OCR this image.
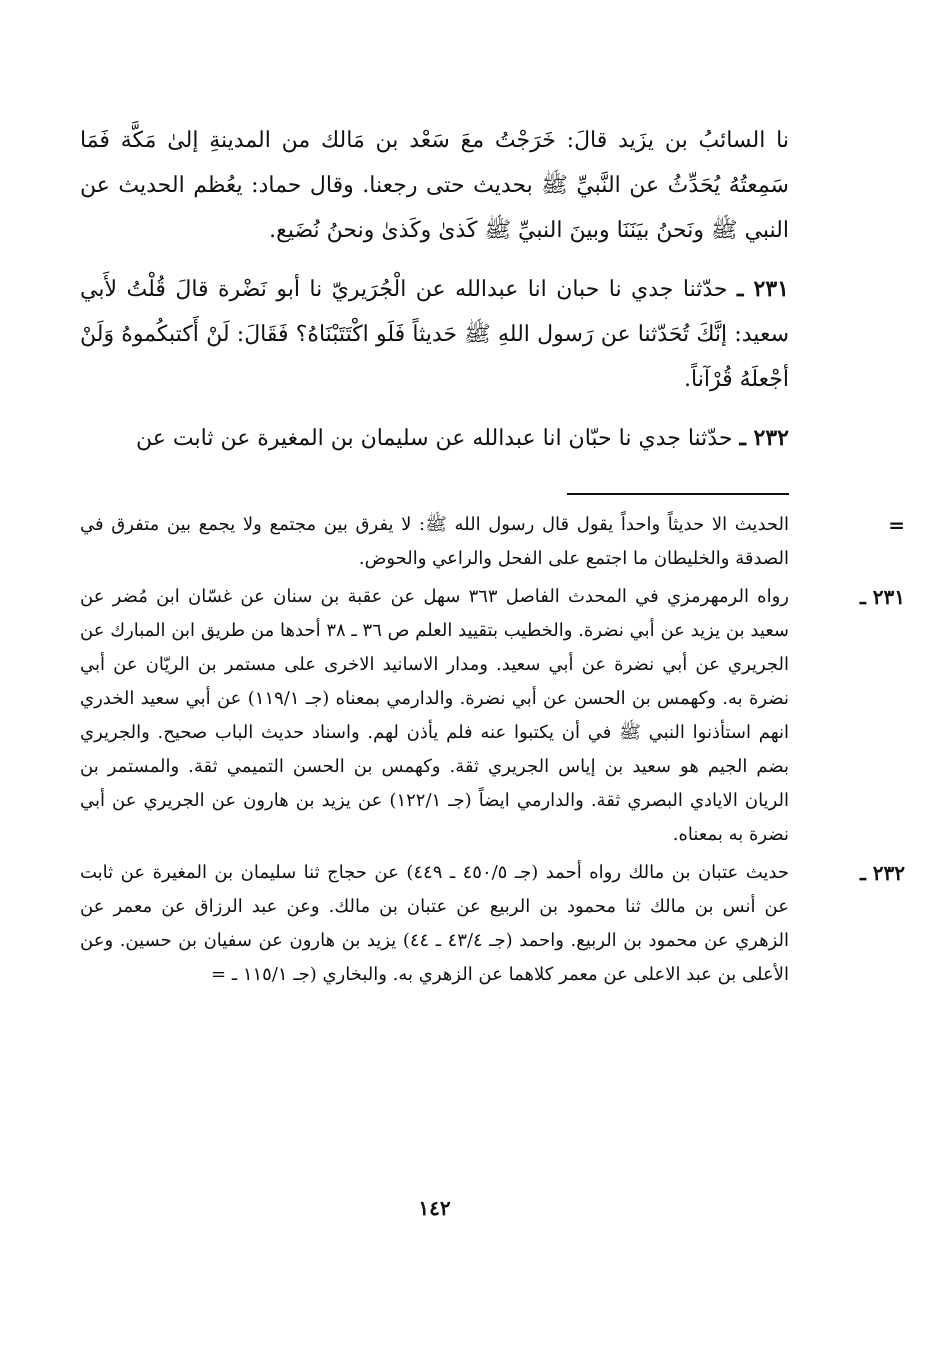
نا السائبُ بن يزَيد قالَ: خَرَجْتُ معَ سَعْد بن مَالك من المدينةِ إلىٰ مَكَّة فَمَا سَمِعتُهُ يُحَدِّثُ عن النَّبيِّ ﷺ بحديث حتى رجعنا. وقال حماد: يعُظم الحديث عن النبي ﷺ ونَحنُ بيَنَنَا وبينَ النبيِّ ﷺ كَذىٰ وكَذىٰ ونحنُ نُضَيع.

٢٣١ ـ حدّثنا جدي نا حبان انا عبدالله عن الْجُرَيريّ نا أبو نَضْرة قالَ قُلْتُ لأَبي سعيد: إنَّكَ تُحَدّثنا عن رَسول اللهِ ﷺ حَديثاً فَلَو اكْتَتَبْنَاهُ؟ فَقَالَ: لَنْ أَكتبكُموهُ وَلَنْ أجْعلَهُ قُرْآناً.

٢٣٢ ـ حدّثنا جدي نا حبّان انا عبدالله عن سليمان بن المغيرة عن ثابت عن

=
الحديث الا حديثاً واحداً يقول قال رسول الله ﷺ: لا يفرق بين مجتمع ولا يجمع بين متفرق في الصدقة والخليطان ما اجتمع على الفحل والراعي والحوض.
٢٣١ ـ
رواه الرمهرمزي في المحدث الفاصل ٣٦٣ سهل عن عقبة بن سنان عن غسّان ابن مُضر عن سعيد بن يزيد عن أبي نضرة. والخطيب بتقييد العلم ص ٣٦ ـ ٣٨ أحدها من طريق ابن المبارك عن الجريري عن أبي نضرة عن أبي سعيد. ومدار الاسانيد الاخرى على مستمر بن الريّان عن أبي نضرة به. وكهمس بن الحسن عن أبي نضرة. والدارمي بمعناه (جـ ١١٩/١) عن أبي سعيد الخدري انهم استأذنوا النبي ﷺ في أن يكتبوا عنه فلم يأذن لهم. واسناد حديث الباب صحيح. والجريري بضم الجيم هو سعيد بن إياس الجريري ثقة. وكهمس بن الحسن التميمي ثقة. والمستمر بن الريان الايادي البصري ثقة. والدارمي ايضاً (جـ ١٢٢/١) عن يزيد بن هارون عن الجريري عن أبي نضرة به بمعناه.
٢٣٢ ـ
حديث عتبان بن مالك رواه أحمد (جـ ٤٥٠/٥ ـ ٤٤٩) عن حجاج ثنا سليمان بن المغيرة عن ثابت عن أنس بن مالك ثنا محمود بن الربيع عن عتبان بن مالك. وعن عبد الرزاق عن معمر عن الزهري عن محمود بن الربيع. واحمد (جـ ٤٣/٤ ـ ٤٤) يزيد بن هارون عن سفيان بن حسين. وعن الأعلى بن عبد الاعلى عن معمر كلاهما عن الزهري به. والبخاري (جـ ١١٥/١ ـ =
١٤٢
